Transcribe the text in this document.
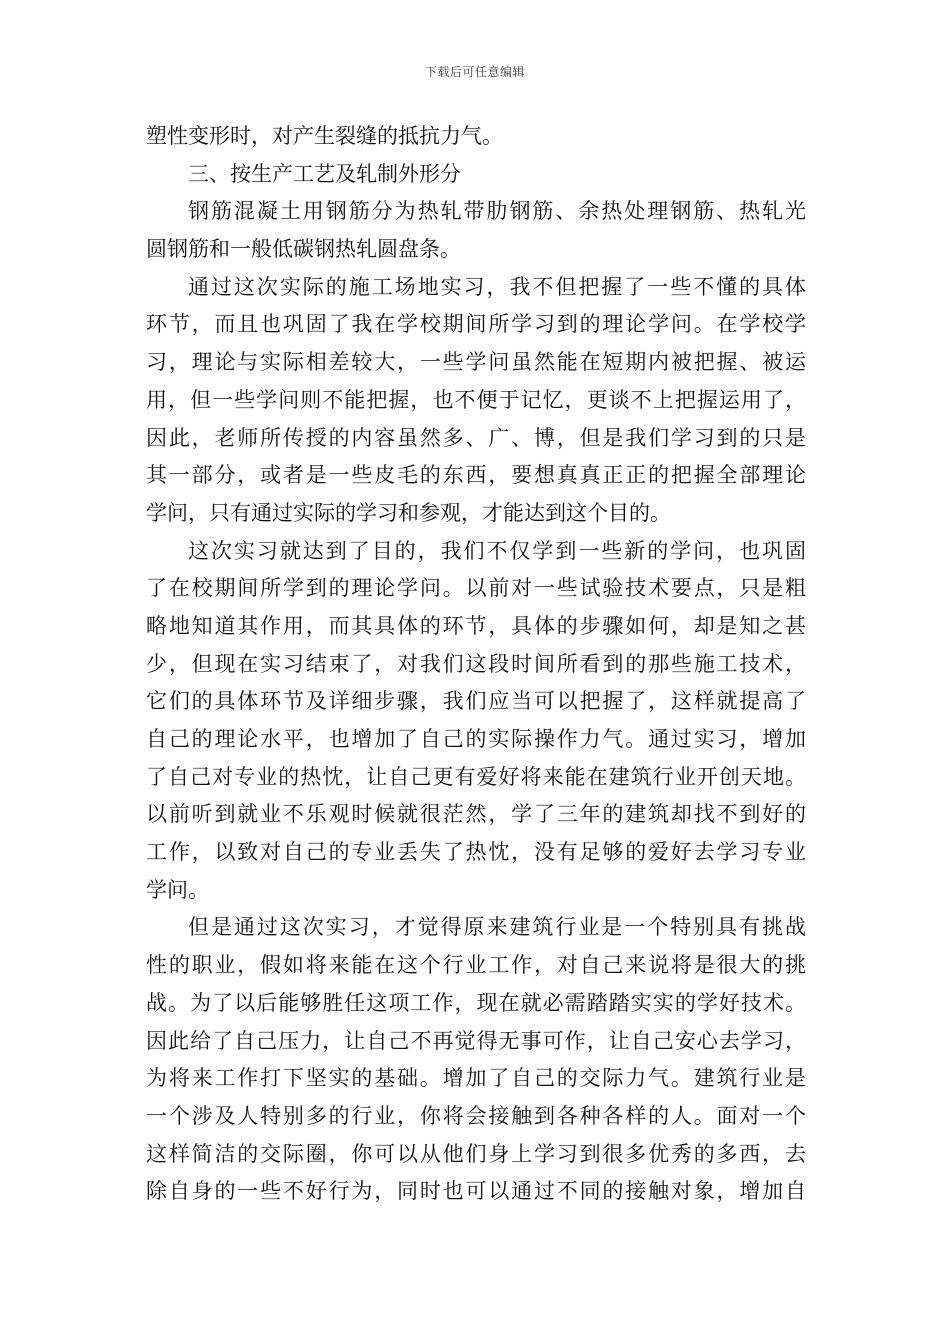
下载后可任意编辑
塑性变形时，对产生裂缝的抵抗力气。
三、按生产工艺及轧制外形分
钢筋混凝土用钢筋分为热轧带肋钢筋、余热处理钢筋、热轧光
圆钢筋和一般低碳钢热轧圆盘条。
通过这次实际的施工场地实习，我不但把握了一些不懂的具体
环节，而且也巩固了我在学校期间所学习到的理论学问。在学校学
习，理论与实际相差较大，一些学问虽然能在短期内被把握、被运
用，但一些学问则不能把握，也不便于记忆，更谈不上把握运用了，
因此，老师所传授的内容虽然多、广、博，但是我们学习到的只是
其一部分，或者是一些皮毛的东西，要想真真正正的把握全部理论
学问，只有通过实际的学习和参观，才能达到这个目的。
这次实习就达到了目的，我们不仅学到一些新的学问，也巩固
了在校期间所学到的理论学问。以前对一些试验技术要点，只是粗
略地知道其作用，而其具体的环节，具体的步骤如何，却是知之甚
少，但现在实习结束了，对我们这段时间所看到的那些施工技术，
它们的具体环节及详细步骤，我们应当可以把握了，这样就提高了
自己的理论水平，也增加了自己的实际操作力气。通过实习，增加
了自己对专业的热忱，让自己更有爱好将来能在建筑行业开创天地。
以前听到就业不乐观时候就很茫然，学了三年的建筑却找不到好的
工作，以致对自己的专业丢失了热忱，没有足够的爱好去学习专业
学问。
但是通过这次实习，才觉得原来建筑行业是一个特别具有挑战
性的职业，假如将来能在这个行业工作，对自己来说将是很大的挑
战。为了以后能够胜任这项工作，现在就必需踏踏实实的学好技术。
因此给了自己压力，让自己不再觉得无事可作，让自己安心去学习，
为将来工作打下坚实的基础。增加了自己的交际力气。建筑行业是
一个涉及人特别多的行业，你将会接触到各种各样的人。面对一个
这样简洁的交际圈，你可以从他们身上学习到很多优秀的多西，去
除自身的一些不好行为，同时也可以通过不同的接触对象，增加自
